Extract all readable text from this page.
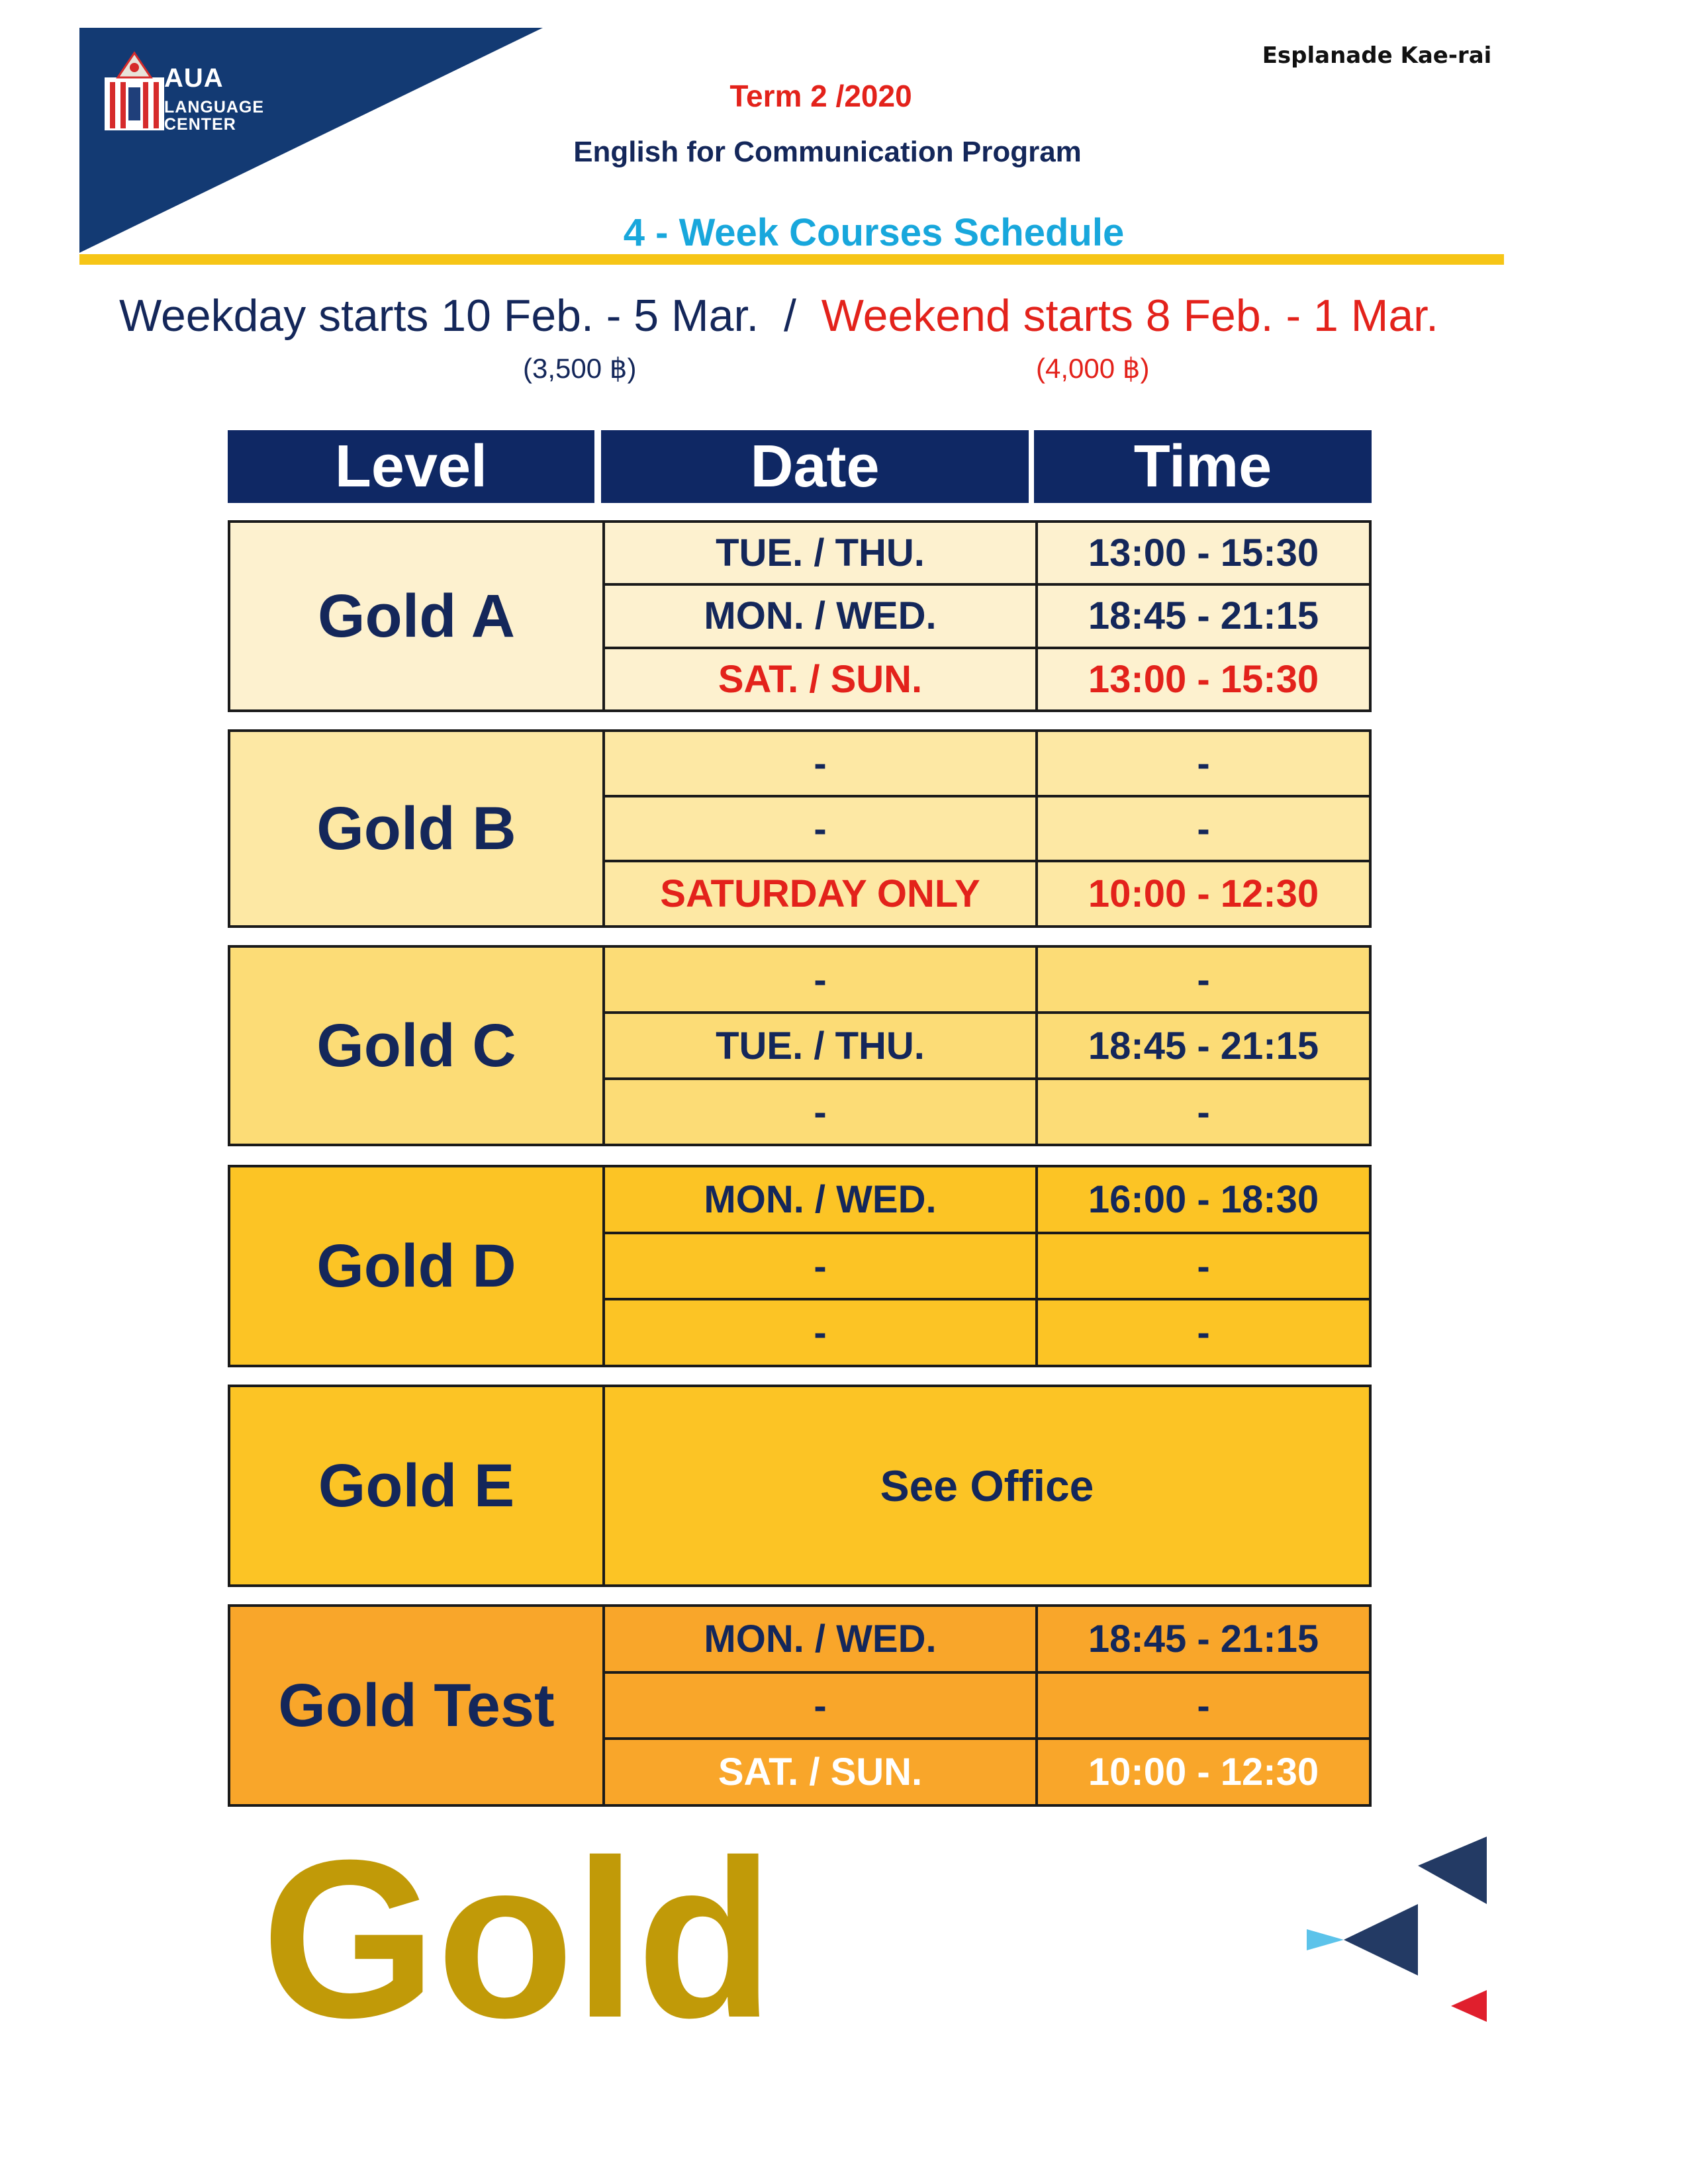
AUA
LANGUAGE
CENTER
Esplanade Kae-rai
Term 2 /2020
English for Communication Program
4 - Week Courses Schedule
Weekday starts 10 Feb. - 5 Mar.  /  Weekend starts 8 Feb. - 1 Mar.
(3,500 ฿)	(4,000 ฿)
Level	Date	Time
Gold A
TUE. / THU.	13:00 - 15:30
MON. / WED.	18:45 - 21:15
SAT. / SUN.	13:00 - 15:30
Gold B
-	-
-	-
SATURDAY ONLY	10:00 - 12:30
Gold C
-	-
TUE. / THU.	18:45 - 21:15
-	-
Gold D
MON. / WED.	16:00 - 18:30
-	-
-	-
Gold E	See Office
Gold Test
MON. / WED.	18:45 - 21:15
-	-
SAT. / SUN.	10:00 - 12:30
Gold
